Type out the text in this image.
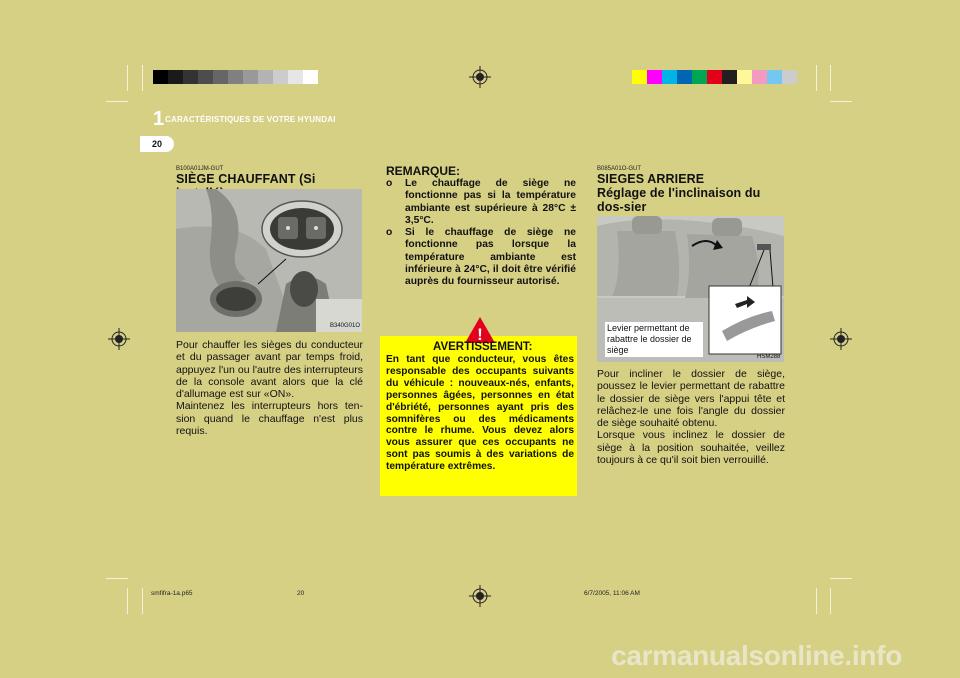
1 CARACTÉRISTIQUES DE VOTRE HYUNDAI
20
B100A01JM-GUT
SIÈGE CHAUFFANT (Si
B340G01O
Pour chauffer les sièges du conducteur et du passager avant par temps froid, appuyez l'un ou l'autre des interrupteurs de la console avant alors que la clé d'allumage est sur «ON».
Maintenez les interrupteurs hors ten-sion quand le chauffage n'est plus requis.
REMARQUE:
o Le chauffage de siège ne fonctionne pas si la température ambiante est supérieure à 28°C ± 3,5°C.
o Si le chauffage de siège ne fonctionne pas lorsque la température ambiante est inférieure à 24°C, il doit être vérifié auprès du fournisseur autorisé.
!
AVERTISSEMENT:
En tant que conducteur, vous êtes responsable des occupants suivants du véhicule : nouveaux-nés, enfants, personnes âgées, personnes en état d'ébriété, personnes ayant pris des somnifères ou des médicaments contre le rhume. Vous devez alors vous assurer que ces occupants ne sont pas soumis à des variations de température extrêmes.
B085A01O-GUT
SIEGES ARRIERE
Réglage de l'inclinaison du dos-sier
Levier permettant de rabattre le dossier de siège
HSM288
Pour incliner le dossier de siège, poussez le levier permettant de rabattre le dossier de siège vers l'appui tête et relâchez-le une fois l'angle du dossier de siège souhaité obtenu.
Lorsque vous inclinez le dossier de siège à la position souhaitée, veillez toujours à ce qu'il soit bien verrouillé.
smfifra-1a.p65	20	6/7/2005, 11:06 AM
carmanualsonline.info
